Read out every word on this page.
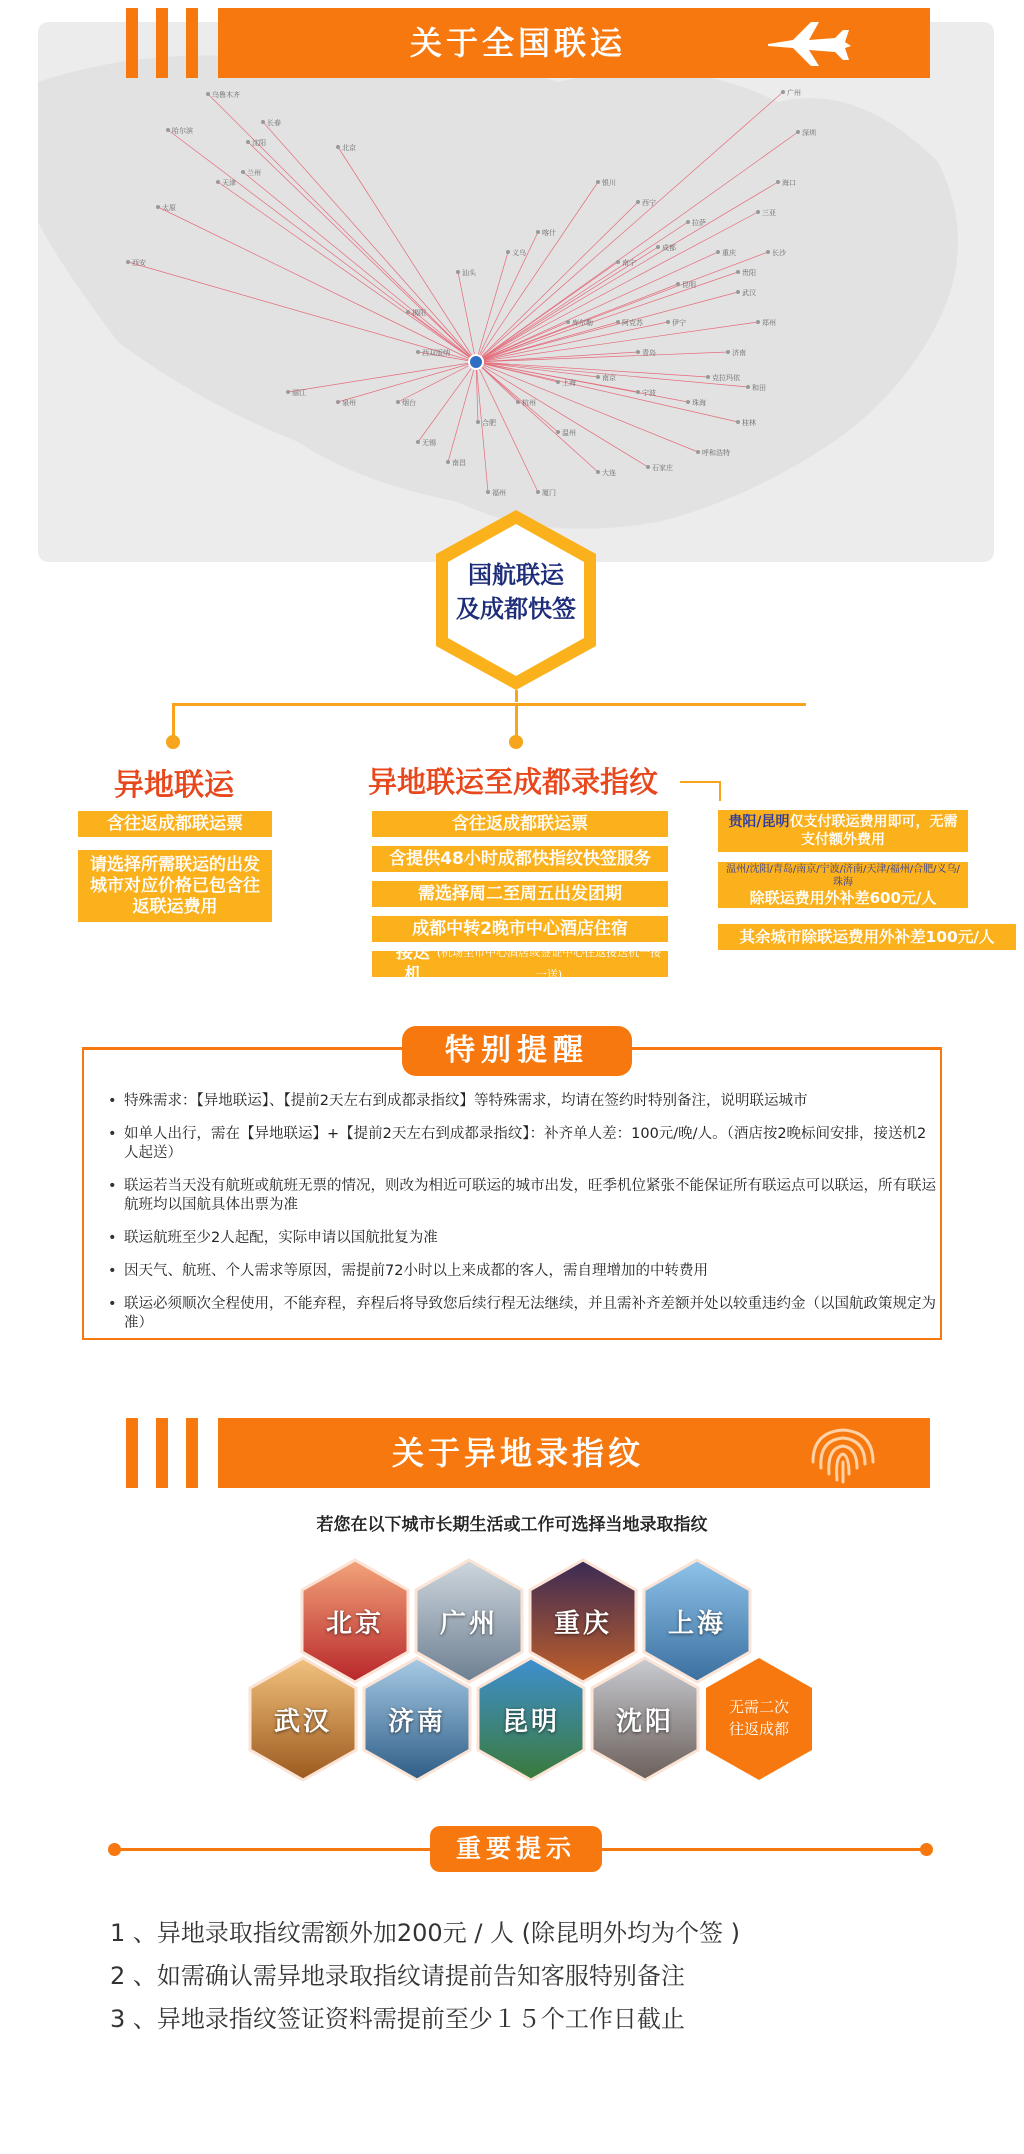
乌鲁木齐
哈尔滨
长春
沈阳
北京
天津
太原
西安
兰州
银川
西宁
拉萨
成都
重庆
贵阳
昆明
南宁
广州
深圳
海口
三亚
长沙
武汉
郑州
济南
青岛
南京
上海
杭州
合肥
南昌
福州	厦门
大连
石家庄
呼和浩特
桂林
珠海
宁波
温州
无锡
烟台
泉州
丽江
西双版纳
揭阳
汕头
义乌
喀什
库尔勒	阿克苏	伊宁
克拉玛依
和田
关于全国联运
国航联运
及成都快签
异地联运
含往返成都联运票
请选择所需联运的出发城市对应价格已包含往返联运费用
异地联运至成都录指纹
含往返成都联运票
含提供48小时成都快指纹快签服务
需选择周二至周五出发团期
成都中转2晚市中心酒店住宿
接送机
(机场至市中心酒店或签证中心往返接送机一接一送)
贵阳/昆明仅支付联运费用即可，无需支付额外费用
温州/沈阳/青岛/南京/宁波/济南/天津/福州/合肥/义乌/珠海
除联运费用外补差600元/人
其余城市除联运费用外补差100元/人
特别提醒
• 特殊需求：【异地联运】、【提前2天左右到成都录指纹】等特殊需求，均请在签约时特别备注，说明联运城市
• 如单人出行，需在【异地联运】+【提前2天左右到成都录指纹】：补齐单人差：100元/晚/人。（酒店按2晚标间安排，接送机2人起送）
• 联运若当天没有航班或航班无票的情况，则改为相近可联运的城市出发，旺季机位紧张不能保证所有联运点可以联运，所有联运航班均以国航具体出票为准
• 联运航班至少2人起配，实际申请以国航批复为准
• 因天气、航班、个人需求等原因，需提前72小时以上来成都的客人，需自理增加的中转费用
• 联运必须顺次全程使用，不能弃程，弃程后将导致您后续行程无法继续，并且需补齐差额并处以较重违约金（以国航政策规定为准）
关于异地录指纹
若您在以下城市长期生活或工作可选择当地录取指纹
北京	广州	重庆	上海
武汉	济南	昆明	沈阳	无需二次
往返成都
重要提示
1 、异地录取指纹需额外加200元 / 人 (除昆明外均为个签 )
2 、如需确认需异地录取指纹请提前告知客服特别备注
3 、异地录指纹签证资料需提前至少１５个工作日截止
